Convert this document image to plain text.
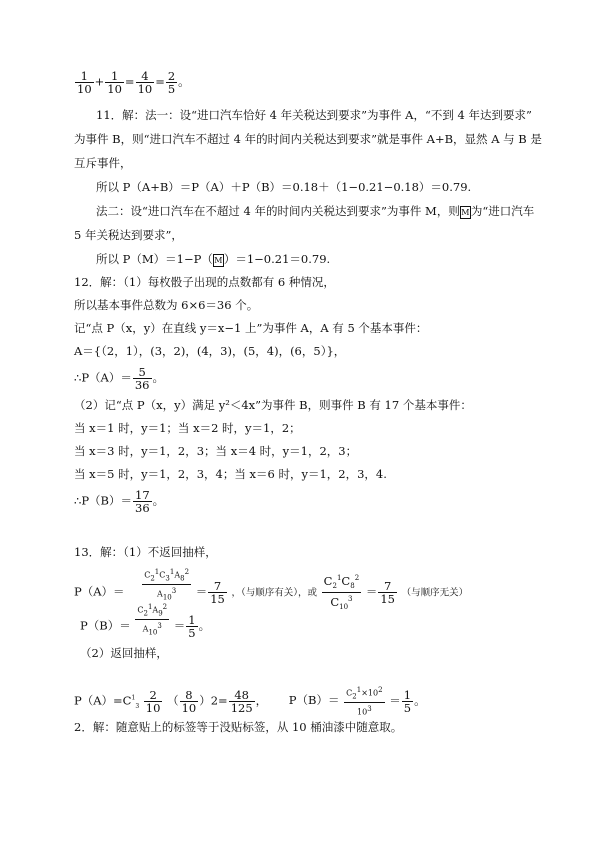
$\frac{1}{10} + \frac{1}{10} = \frac{4}{10} = \frac{2}{5}$ 。
11．解：法一：设“进口汽车恰好 4 年关税达到要求”为事件 A，“不到 4 年达到要求”
为事件 B，则“进口汽车不超过 4 年的时间内关税达到要求”就是事件 A+B，显然 A 与 B 是
互斥事件，
所以 P（A+B）＝P（A）＋P（B）＝0.18＋（1−0.21−0.18）＝0.79.
法二：设“进口汽车在不超过 4 年的时间内关税达到要求”为事件 M，则M为“进口汽车
5 年关税达到要求”，
所以 P（M）＝1−P（M）＝1−0.21＝0.79.
12．解：（1）每枚骰子出现的点数都有 6 种情况，
所以基本事件总数为 6×6＝36 个。
记“点 P（x，y）在直线 y＝x−1 上”为事件 A，A 有 5 个基本事件：
A＝{（2，1），(3，2)，(4，3)，(5，4)，(6，5）}，
∴P（A）＝ $\frac{5}{36}$ 。
（2）记“点 P（x，y）满足 y²＜4x”为事件 B，则事件 B 有 17 个基本事件：
当 x＝1 时，y＝1；当 x＝2 时，y＝1，2；
当 x＝3 时，y＝1，2，3；当 x＝4 时，y＝1，2，3；
当 x＝5 时，y＝1，2，3，4；当 x＝6 时，y＝1，2，3，4.
∴P（B）＝ $\frac{17}{36}$ 。
13．解：（1）不返回抽样，
$P(A)= \frac{C21C31A82}{A103} = \frac{7}{15}$ ，（与顺序有关），或 $\frac{C_2^1C_8^2}{C_{10}^3} = \frac{7}{15}$ （与顺序无关）
$P(B)= \frac{C21A92}{A103} = \frac{1}{5}$ 。
（2）返回抽样，
$P(A)=C^1_3 \frac{2}{10}$ （ $\frac{8}{10} )2= \frac{48}{125}$ ， $P(B)= \frac{C21\times 102}{103} = \frac{1}{5}$ 。
2．解：随意贴上的标签等于没贴标签，从 10 桶油漆中随意取。
